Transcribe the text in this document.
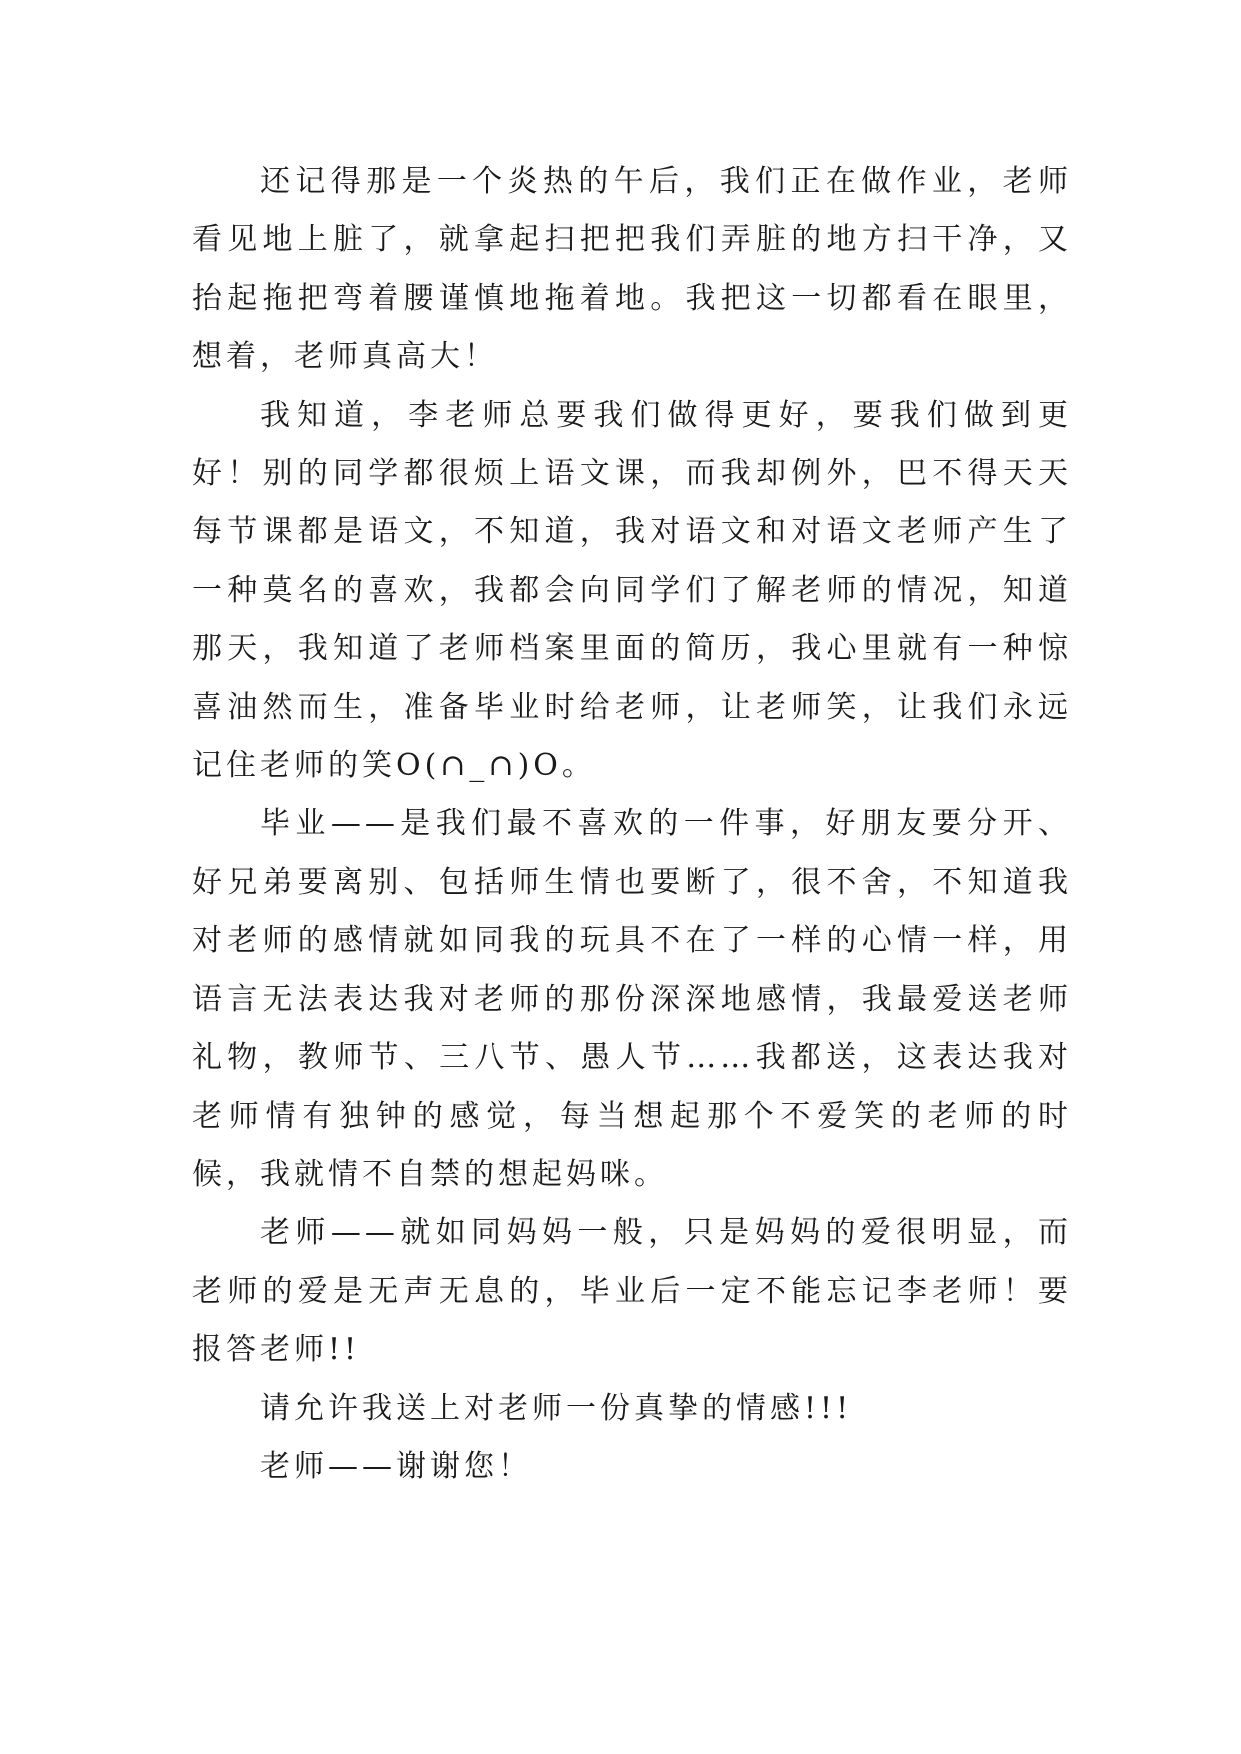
还记得那是一个炎热的午后，我们正在做作业，老师看见地上脏了，就拿起扫把把我们弄脏的地方扫干净，又抬起拖把弯着腰谨慎地拖着地。我把这一切都看在眼里，想着，老师真高大！

我知道，李老师总要我们做得更好，要我们做到更好！别的同学都很烦上语文课，而我却例外，巴不得天天每节课都是语文，不知道，我对语文和对语文老师产生了一种莫名的喜欢，我都会向同学们了解老师的情况，知道那天，我知道了老师档案里面的简历，我心里就有一种惊喜油然而生，准备毕业时给老师，让老师笑，让我们永远记住老师的笑O(∩_∩)O。

毕业——是我们最不喜欢的一件事，好朋友要分开、好兄弟要离别、包括师生情也要断了，很不舍，不知道我对老师的感情就如同我的玩具不在了一样的心情一样，用语言无法表达我对老师的那份深深地感情，我最爱送老师礼物，教师节、三八节、愚人节……我都送，这表达我对老师情有独钟的感觉，每当想起那个不爱笑的老师的时候，我就情不自禁的想起妈咪。

老师——就如同妈妈一般，只是妈妈的爱很明显，而老师的爱是无声无息的，毕业后一定不能忘记李老师！要报答老师!!

请允许我送上对老师一份真挚的情感!!!

老师——谢谢您！
